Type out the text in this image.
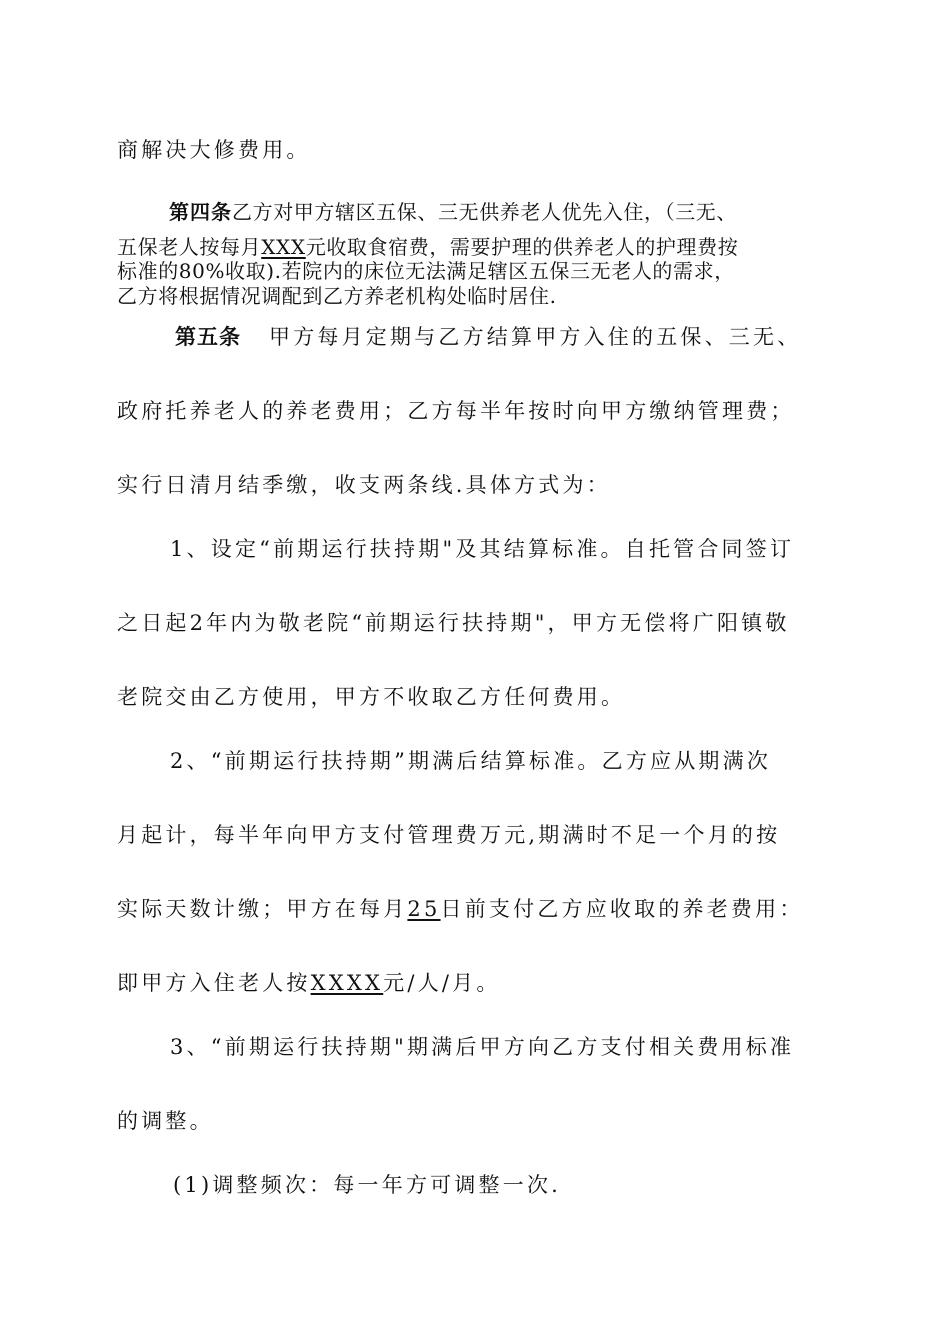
商解决大修费用。

第四条乙方对甲方辖区五保、三无供养老人优先入住，（三无、

五保老人按每月XXX元收取食宿费，需要护理的供养老人的护理费按

标准的80%收取).若院内的床位无法满足辖区五保三无老人的需求，

乙方将根据情况调配到乙方养老机构处临时居住.

第五条 甲方每月定期与乙方结算甲方入住的五保、三无、

政府托养老人的养老费用；乙方每半年按时向甲方缴纳管理费；

实行日清月结季缴，收支两条线.具体方式为：

1、设定“前期运行扶持期"及其结算标准。自托管合同签订

之日起2年内为敬老院“前期运行扶持期"，甲方无偿将广阳镇敬

老院交由乙方使用，甲方不收取乙方任何费用。

2、“前期运行扶持期”期满后结算标准。乙方应从期满次

月起计，每半年向甲方支付管理费万元,期满时不足一个月的按

实际天数计缴；甲方在每月25日前支付乙方应收取的养老费用：

即甲方入住老人按XXXX元/人/月。

3、“前期运行扶持期"期满后甲方向乙方支付相关费用标准

的调整。

(1)调整频次：每一年方可调整一次.
